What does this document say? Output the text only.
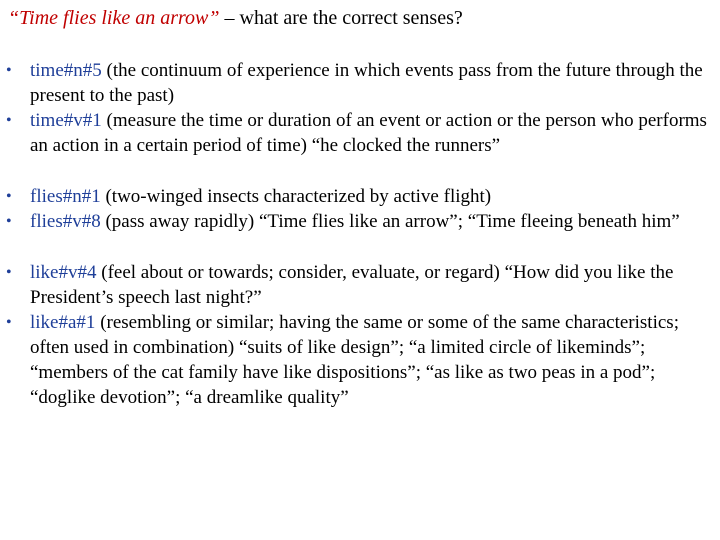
“Time flies like an arrow” – what are the correct senses?
• time#n#5 (the continuum of experience in which events pass from the future through the present to the past)
• time#v#1 (measure the time or duration of an event or action or the person who performs an action in a certain period of time) “he clocked the runners”
• flies#n#1 (two-winged insects characterized by active flight)
• flies#v#8 (pass away rapidly) “Time flies like an arrow”; “Time fleeing beneath him”
• like#v#4 (feel about or towards; consider, evaluate, or regard) “How did you like the President’s speech last night?”
• like#a#1 (resembling or similar; having the same or some of the same characteristics; often used in combination) “suits of like design”; “a limited circle of likeminds”; “members of the cat family have like dispositions”; “as like as two peas in a pod”; “doglike devotion”; “a dreamlike quality”
